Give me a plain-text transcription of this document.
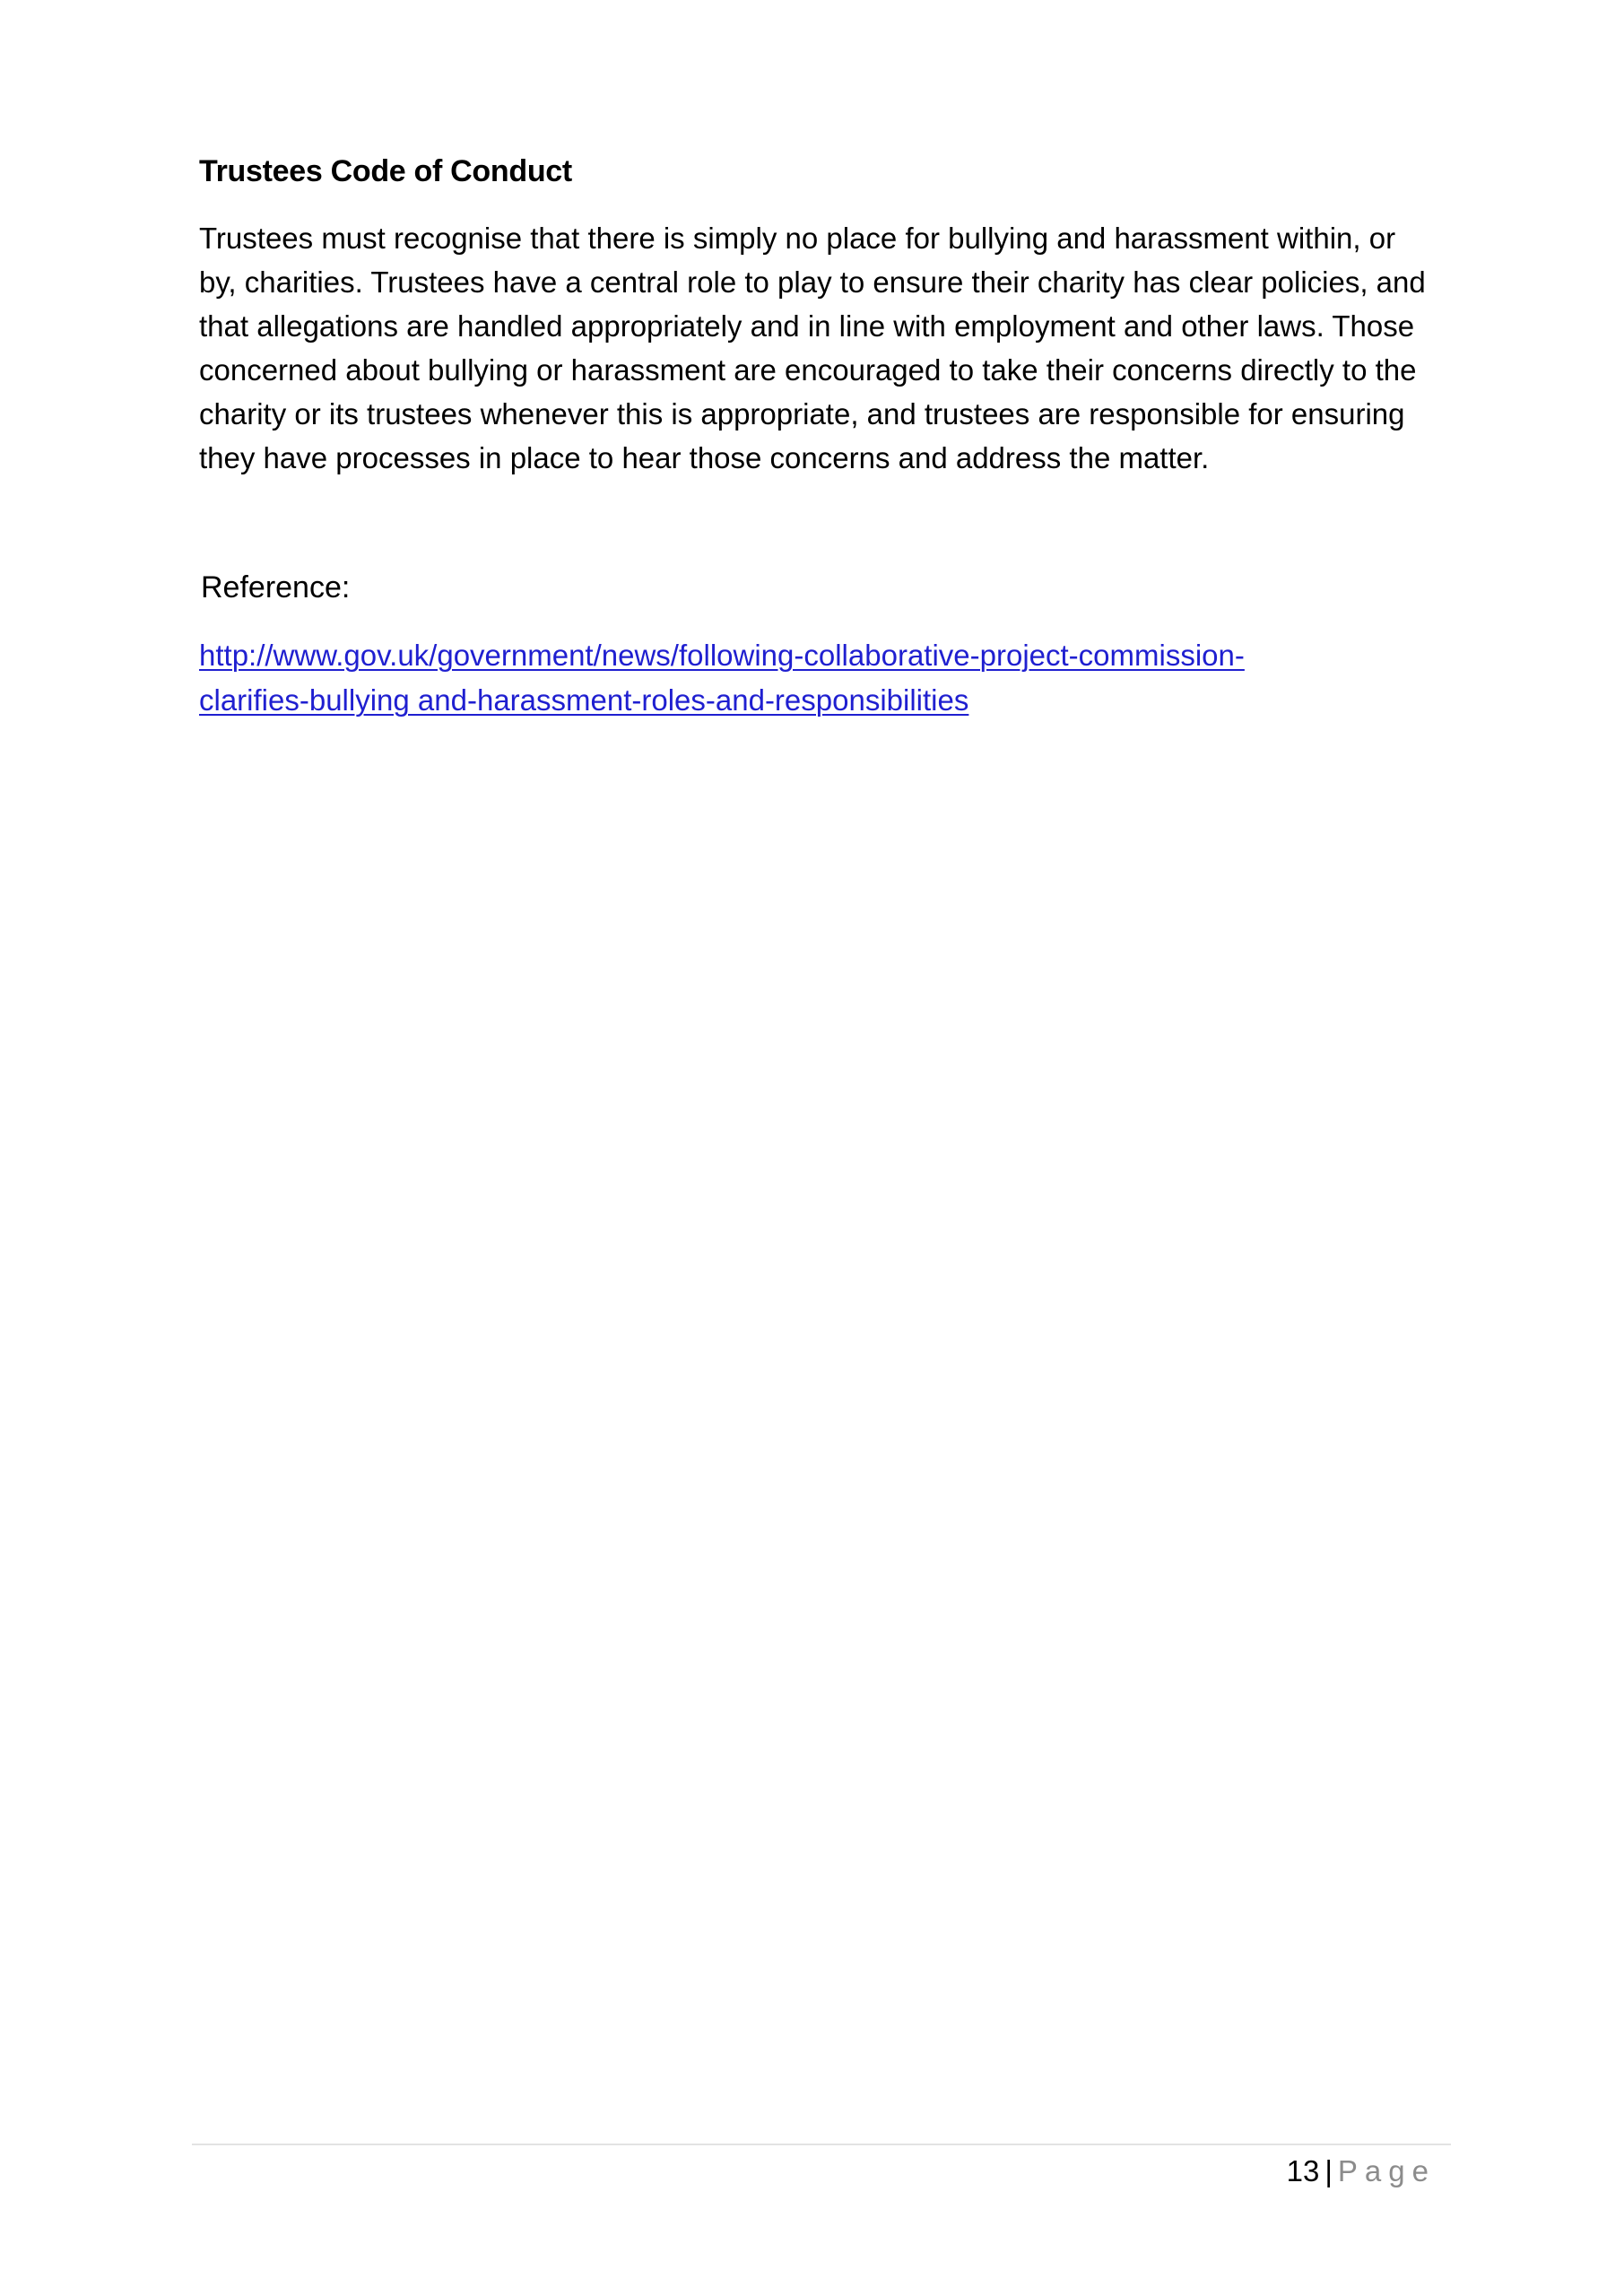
Trustees Code of Conduct

Trustees must recognise that there is simply no place for bullying and harassment within, or
by, charities. Trustees have a central role to play to ensure their charity has clear policies, and
that allegations are handled appropriately and in line with employment and other laws. Those
concerned about bullying or harassment are encouraged to take their concerns directly to the
charity or its trustees whenever this is appropriate, and trustees are responsible for ensuring
they have processes in place to hear those concerns and address the matter.

Reference:

http://www.gov.uk/government/news/following-collaborative-project-commission-
clarifies-bullying and-harassment-roles-and-responsibilities

13 | Page
